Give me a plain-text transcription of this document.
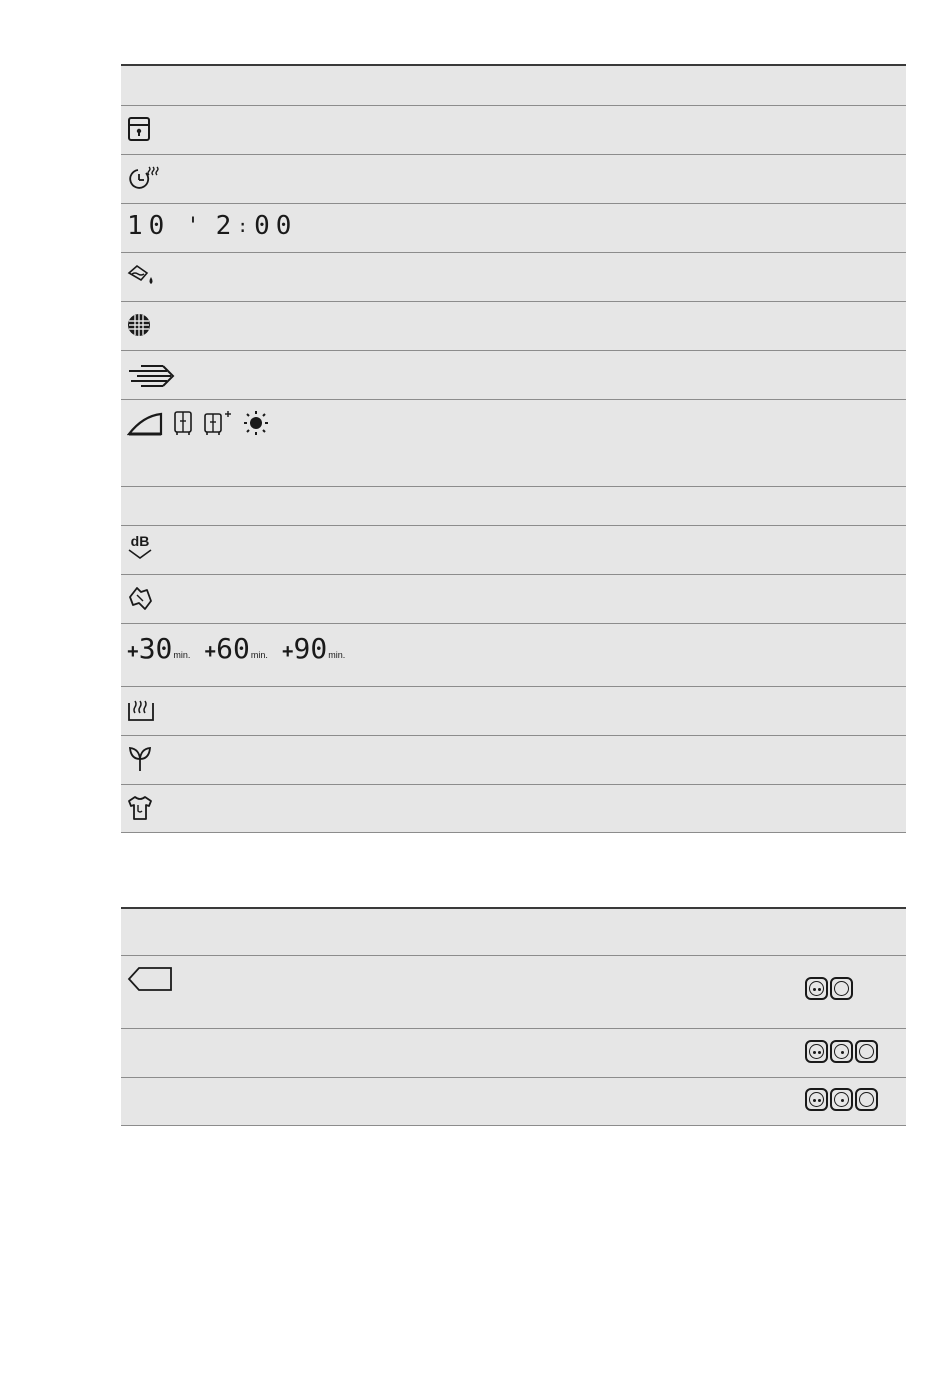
10 ' 2 : 00
dB
+ 30 min. + 60 min. + 90 min.
